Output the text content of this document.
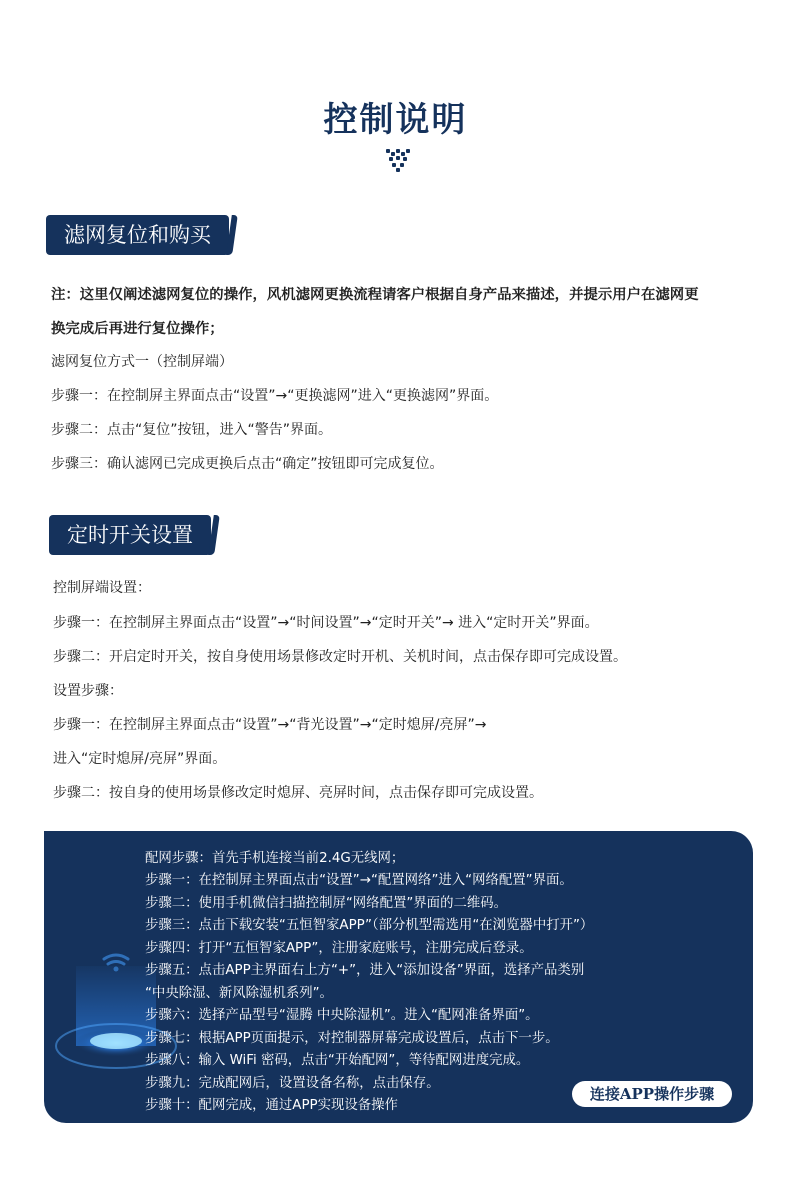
控制说明
滤网复位和购买
注：这里仅阐述滤网复位的操作，风机滤网更换流程请客户根据自身产品来描述，并提示用户在滤网更
换完成后再进行复位操作；
滤网复位方式一（控制屏端）
步骤一：在控制屏主界面点击“设置”→“更换滤网”进入“更换滤网”界面。
步骤二：点击“复位”按钮，进入“警告”界面。
步骤三：确认滤网已完成更换后点击“确定”按钮即可完成复位。
定时开关设置
控制屏端设置：
步骤一：在控制屏主界面点击“设置”→“时间设置”→“定时开关”→ 进入“定时开关”界面。
步骤二：开启定时开关，按自身使用场景修改定时开机、关机时间，点击保存即可完成设置。
设置步骤：
步骤一：在控制屏主界面点击“设置”→“背光设置”→“定时熄屏/亮屏”→
进入“定时熄屏/亮屏”界面。
步骤二：按自身的使用场景修改定时熄屏、亮屏时间，点击保存即可完成设置。
配网步骤：首先手机连接当前2.4G无线网；
步骤一：在控制屏主界面点击“设置”→“配置网络”进入“网络配置”界面。
步骤二：使用手机微信扫描控制屏“网络配置”界面的二维码。
步骤三：点击下载安装“五恒智家APP”（部分机型需选用“在浏览器中打开”）
步骤四：打开“五恒智家APP”，注册家庭账号，注册完成后登录。
步骤五：点击APP主界面右上方“+”，进入“添加设备”界面，选择产品类别
“中央除湿、新风除湿机系列”。
步骤六：选择产品型号“湿腾 中央除湿机”。进入“配网准备界面”。
步骤七：根据APP页面提示，对控制器屏幕完成设置后，点击下一步。
步骤八：输入 WiFi 密码，点击“开始配网”，等待配网进度完成。
步骤九：完成配网后，设置设备名称，点击保存。
步骤十：配网完成，通过APP实现设备操作
连接APP操作步骤
